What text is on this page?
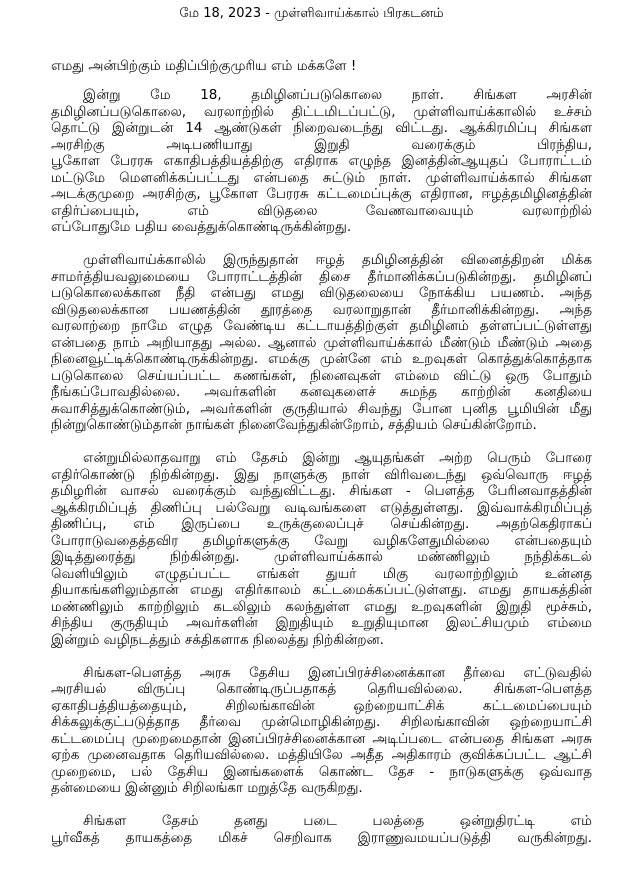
மே 18, 2023 - முள்ளிவாய்க்கால் பிரகடனம்
எமது அன்பிற்கும் மதிப்பிற்குமுரிய எம் மக்களே !
இன்று மே 18, தமிழினப்படுகொலை நாள். சிங்கள அரசின்
தமிழினப்படுகொலை, வரலாற்றில் திட்டமிடப்பட்டு, முள்ளிவாய்க்காலில் உச்சம்
தொட்டு இன்றுடன் 14 ஆண்டுகள் நிறைவடைந்து விட்டது. ஆக்கிரமிப்பு சிங்கள
அரசிற்கு அடிபணியாது இறுதி வரைக்கும் பிரந்திய,
பூகோள பேரரசு எகாதிபத்தியத்திற்கு எதிராக எழுந்த இனத்தின்ஆயுதப் போராட்டம்
மட்டுமே மௌனிக்கப்பட்டது என்பதை சுட்டும் நாள். முள்ளிவாய்க்கால் சிங்கள
அடக்குமுறை அரசிற்கு, பூகோள பேரரசு கட்டமைப்புக்கு எதிரான, ஈழத்தமிழினத்தின்
எதிர்ப்பையும், எம் விடுதலை வேணவாவையும் வரலாற்றில்
எப்போதுமே பதிய வைத்துக்கொண்டிருக்கின்றது.
முள்ளிவாய்க்காலில் இருந்துதான் ஈழத் தமிழினத்தின் வினைத்திறன் மிக்க
சாமர்த்தியவலுமையை போராட்டத்தின் திசை தீர்மானிக்கப்படுகின்றது. தமிழினப்
படுகொலைக்கான நீதி என்பது எமது விடுதலையை நோக்கிய பயணம். அந்த
விடுதலைக்கான பயணத்தின் தூரத்தை வரலாறுதான் தீர்மானிக்கின்றது. அந்த
வரலாற்றை நாமே எழுத வேண்டிய கட்டாயத்திற்குள் தமிழினம் தள்ளப்பட்டுள்ளது
என்பதை நாம் அறியாதது அல்ல. ஆனால் முள்ளிவாய்க்கால் மீண்டும் மீண்டும் அதை
நினைவூட்டிக்கொண்டிருக்கின்றது. எமக்கு முன்னே எம் உறவுகள் கொத்துக்கொத்தாக
படுகொலை செய்யப்பட்ட கணங்கள், நினைவுகள் எம்மை விட்டு ஒரு போதும்
நீங்கப்போவதில்லை. அவர்களின் கனவுகளைச் சுமந்த காற்றின் கனதியை
சுவாசித்துக்கொண்டும், அவர்களின் குருதியால் சிவந்து போன புனித பூமியின் மீது
நின்றுகொண்டும்தான் நாங்கள் நினைவேந்துகின்றோம், சத்தியம் செய்கின்றோம்.
என்றுமில்லாதவாறு எம் தேசம் இன்று ஆயுதங்கள் அற்ற பெரும் போரை
எதிர்கொண்டு நிற்கின்றது. இது நாளுக்கு நாள் விரிவடைந்து ஒவ்வொரு ஈழத்
தமிழரின் வாசல் வரைக்கும் வந்துவிட்டது. சிங்கள - பௌத்த பேரினவாதத்தின்
ஆக்கிரமிப்புத் திணிப்பு பல்வேறு வடிவங்களை எடுத்துள்ளது. இவ்வாக்கிரமிப்புத்
திணிப்பு, எம் இருப்பை உருக்குலைப்புச் செய்கின்றது. அதற்கெதிராகப்
போராடுவதைத்தவிர தமிழர்களுக்கு வேறு வழிகளேதுமில்லை என்பதையும்
இடித்துரைத்து நிற்கின்றது. முள்ளிவாய்க்கால் மண்ணிலும் நந்திக்கடல்
வெளியிலும் எழுதப்பட்ட எங்கள் துயர் மிகு வரலாற்றிலும் உன்னத
தியாகங்களிலும்தான் எமது எதிர்காலம் கட்டமைக்கப்பட்டுள்ளது. எமது தாயகத்தின்
மண்ணிலும் காற்றிலும் கடலிலும் கலந்துள்ள எமது உறவுகளின் இறுதி மூச்சும்,
சிந்திய குருதியும் அவர்களின் இறுதியும் உறுதியுமான இலட்சியமும் எம்மை
இன்றும் வழிநடத்தும் சக்திகளாக நிலைத்து நிற்கின்றன.
சிங்கள-பௌத்த அரசு தேசிய இனப்பிரச்சினைக்கான தீர்வை எட்டுவதில்
அரசியல் விருப்பு கொண்டிருப்பதாகத் தெரியவில்லை. சிங்கள-பௌத்த
ஏகாதிபத்தியத்தையும், சிறிலங்காவின் ஒற்றையாட்சிக் கட்டமைப்பையும்
சிக்கலுக்குட்படுத்தாத தீர்வை முன்மொழிகின்றது. சிறிலங்காவின் ஒற்றையாட்சி
கட்டமைப்பு முறைமைதான் இனப்பிரச்சினைக்கான அடிப்படை என்பதை சிங்கள அரசு
ஏற்க முனைவதாக தெரியவில்லை. மத்தியிலே அதீத அதிகாரம் குவிக்கப்பட்ட ஆட்சி
முறைமை, பல் தேசிய இனங்களைக் கொண்ட தேச - நாடுகளுக்கு ஒவ்வாத
தன்மையை இன்னும் சிறிலங்கா மறுத்தே வருகிறது.
சிங்கள தேசம் தனது படை பலத்தை ஒன்றுதிரட்டி எம்
பூர்வீகத் தாயகத்தை மிகச் செறிவாக இராணுவமயப்படுத்தி வருகின்றது.
